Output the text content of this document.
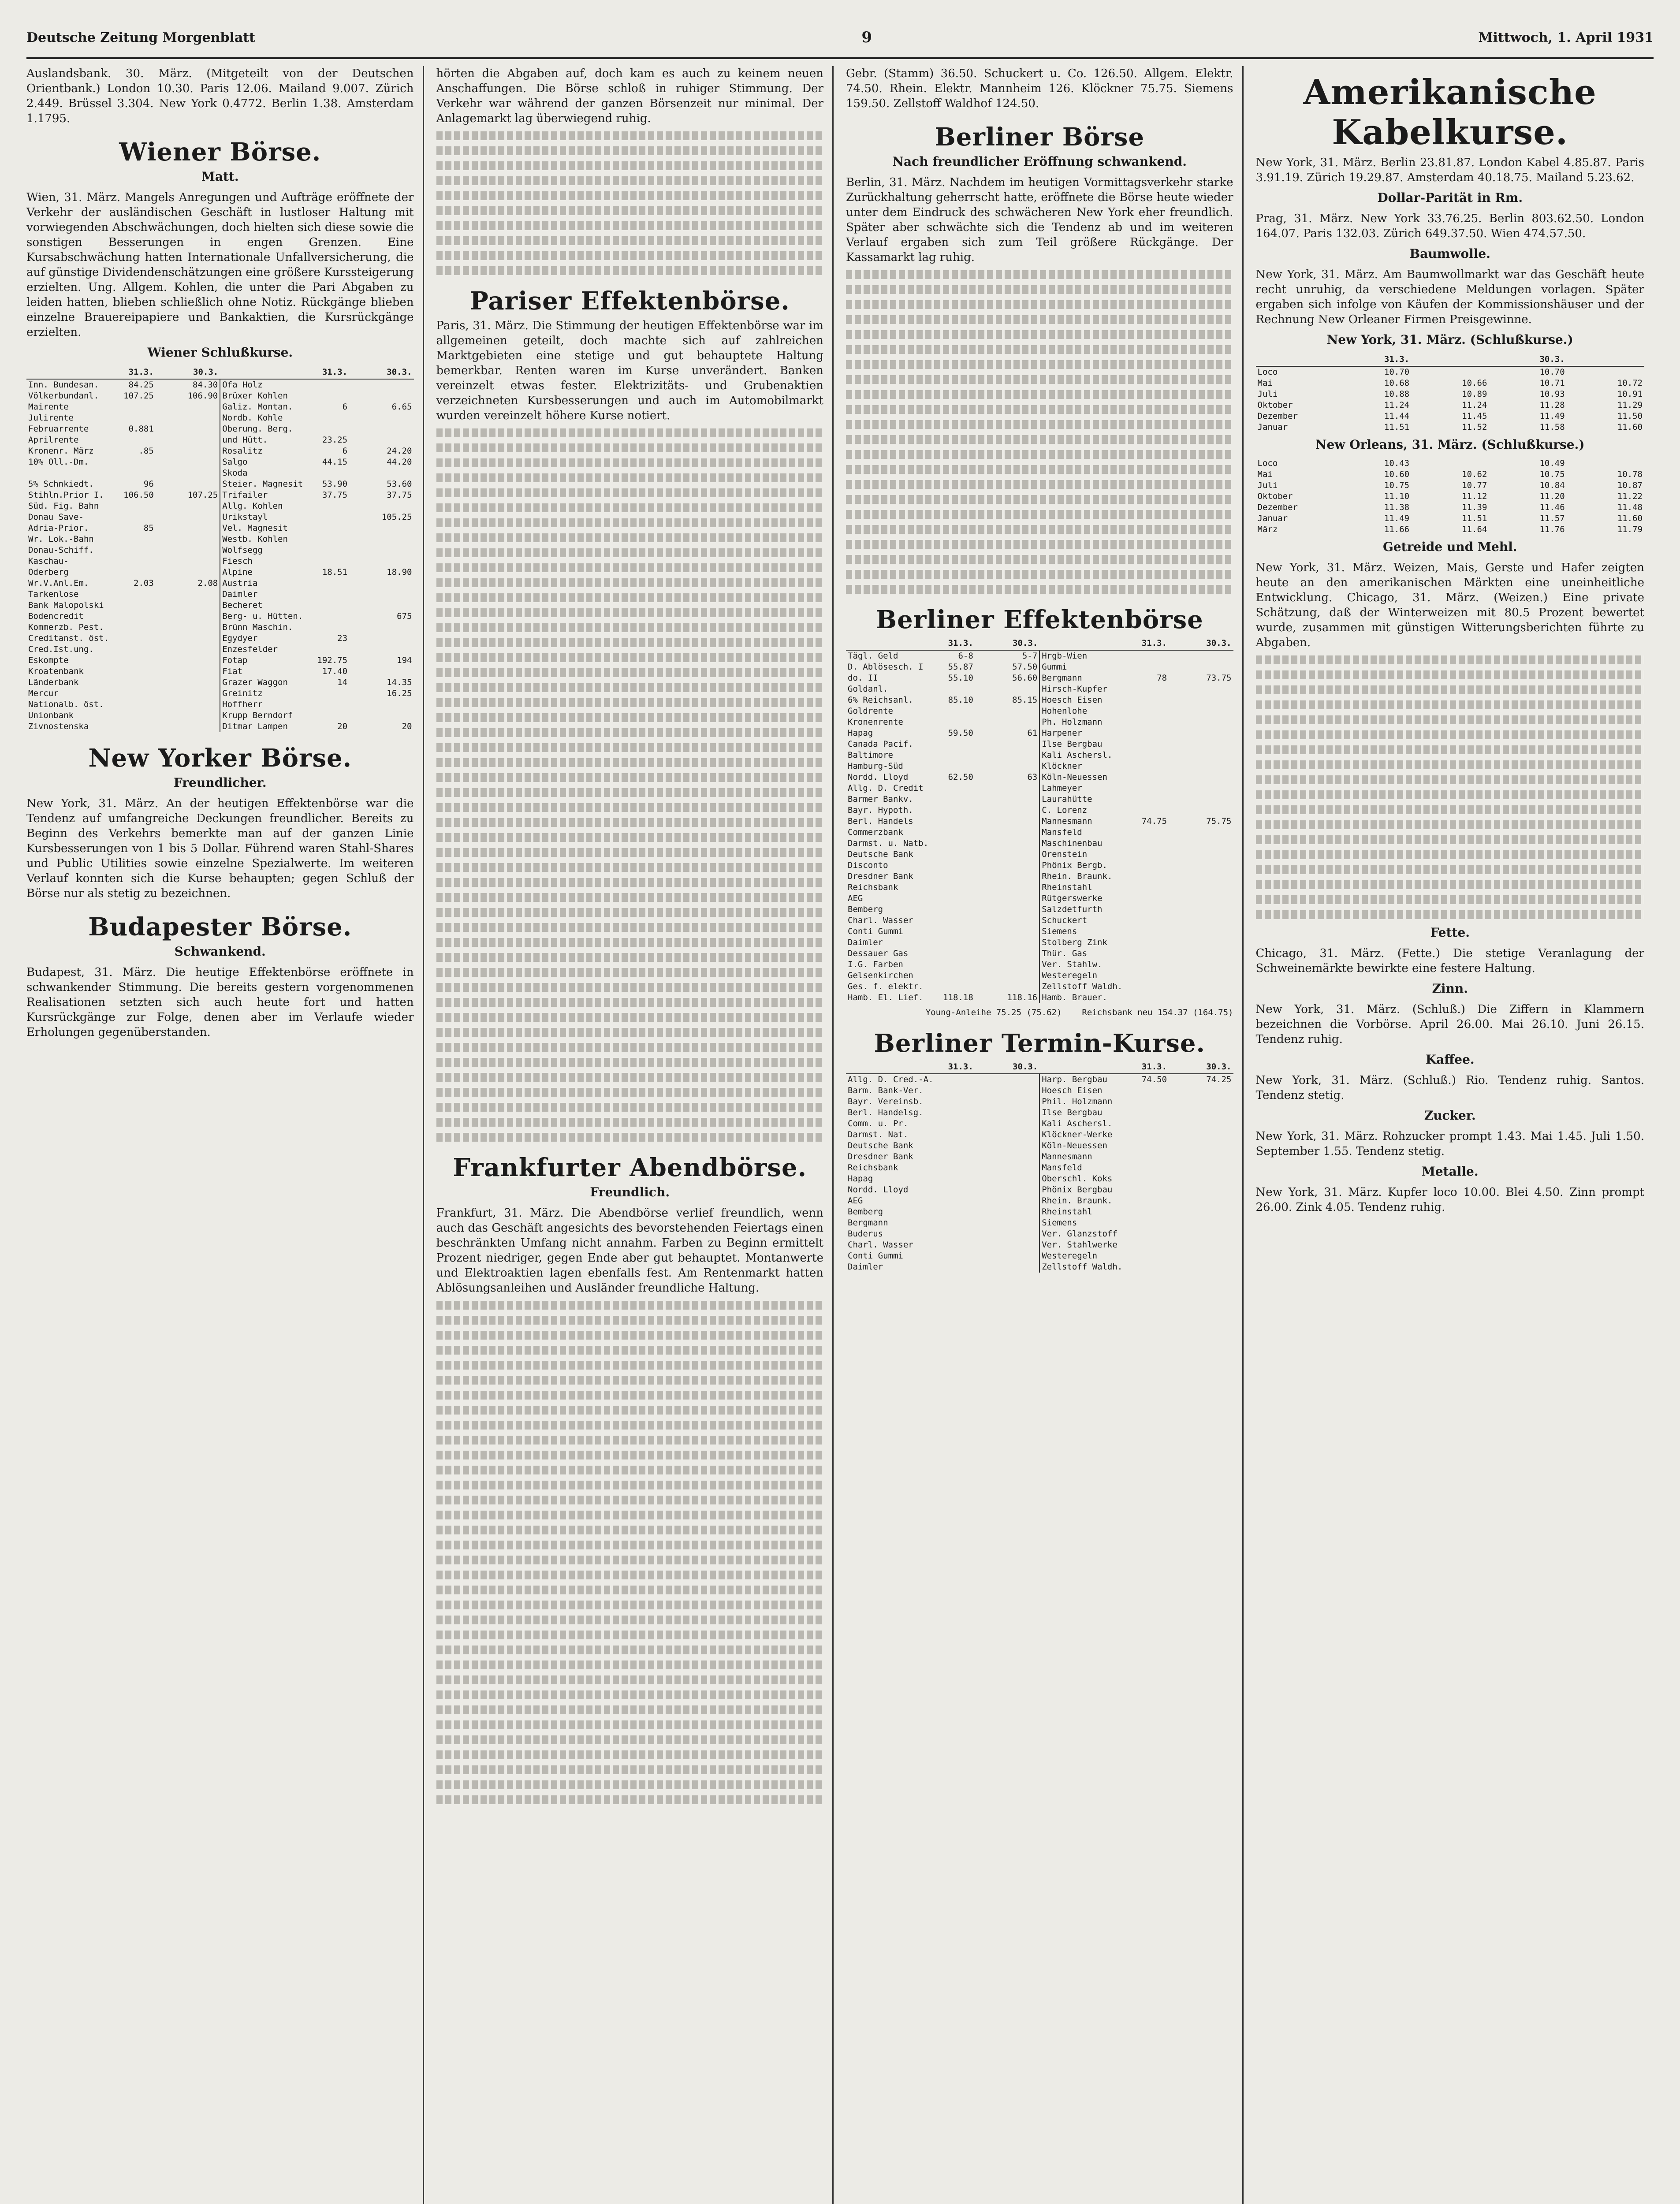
Deutsche Zeitung Morgenblatt	9	Mittwoch, 1. April 1931

Auslandsbank. 30. März. (Mitgeteilt von der Deutschen Orientbank.) London 10.30. Paris 12.06. Mailand 9.007. Zürich 2.449. Brüssel 3.304. New York 0.4772. Berlin 1.38. Amsterdam 1.1795.

Wiener Börse.
Matt.

Wien, 31. März. Mangels Anregungen und Aufträge eröffnete der Verkehr der ausländischen Geschäft in lustloser Haltung mit vorwiegenden Abschwächungen, doch hielten sich diese sowie die sonstigen Besserungen in engen Grenzen. Eine Kursabschwächung hatten Internationale Unfallversicherung, die auf günstige Dividendenschätzungen eine größere Kurssteigerung erzielten. Ung. Allgem. Kohlen, die unter die Pari Abgaben zu leiden hatten, blieben schließlich ohne Notiz. Rückgänge blieben einzelne Brauereipapiere und Bankaktien, die Kursrückgänge erzielten.

Wiener Schlußkurse.
	31.3.	30.3.		31.3.	30.3.
Inn. Bundesan.	84.25	84.30	Ofa Holz		
Völkerbundanl.	107.25	106.90	Brüxer Kohlen		
Mairente			Galiz. Montan.	6	6.65
Julirente			Nordb. Kohle		
Februarrente	0.881		Oberung. Berg.		
Aprilrente			und Hütt.	23.25	
Kronenr. März	.85		Rosalitz	6	24.20
10% Oll.-Dm.			Salgo	44.15	44.20
			Skoda		
5% Schnkiedt.	96		Steier. Magnesit	53.90	53.60
Stihln.Prior I.	106.50	107.25	Trifailer	37.75	37.75
Süd. Fig. Bahn			Allg. Kohlen		
Donau Save-			Urikstayl		105.25
Adria-Prior.	85		Vel. Magnesit		
Wr. Lok.-Bahn			Westb. Kohlen		
Donau-Schiff.			Wolfsegg		
Kaschau-			Fiesch		
Oderberg			Alpine	18.51	18.90
Wr.V.Anl.Em.	2.03	2.08	Austria		
Tarkenlose			Daimler		
Bank Malopolski			Becheret		
Bodencredit			Berg- u. Hütten.		675
Kommerzb. Pest.			Brünn Maschin.		
Creditanst. öst.			Egydyer	23	
Cred.Ist.ung.			Enzesfelder		
Eskompte			Fotap	192.75	194
Kroatenbank			Fiat	17.40	
Länderbank			Grazer Waggon	14	14.35
Mercur			Greinitz		16.25
Nationalb. öst.			Hoffherr		
Unionbank			Krupp Berndorf		
Zivnostenska			Ditmar Lampen	20	20
New Yorker Börse.
Freundlicher.

New York, 31. März. An der heutigen Effektenbörse war die Tendenz auf umfangreiche Deckungen freundlicher. Bereits zu Beginn des Verkehrs bemerkte man auf der ganzen Linie Kursbesserungen von 1 bis 5 Dollar. Führend waren Stahl-Shares und Public Utilities sowie einzelne Spezialwerte. Im weiteren Verlauf konnten sich die Kurse behaupten; gegen Schluß der Börse nur als stetig zu bezeichnen.

Budapester Börse.
Schwankend.

Budapest, 31. März. Die heutige Effektenbörse eröffnete in schwankender Stimmung. Die bereits gestern vorgenommenen Realisationen setzten sich auch heute fort und hatten Kursrückgänge zur Folge, denen aber im Verlaufe wieder Erholungen gegenüberstanden.

hörten die Abgaben auf, doch kam es auch zu keinem neuen Anschaffungen. Die Börse schloß in ruhiger Stimmung. Der Verkehr war während der ganzen Börsenzeit nur minimal. Der Anlagemarkt lag überwiegend ruhig.

Pariser Effektenbörse.

Paris, 31. März. Die Stimmung der heutigen Effektenbörse war im allgemeinen geteilt, doch machte sich auf zahlreichen Marktgebieten eine stetige und gut behauptete Haltung bemerkbar. Renten waren im Kurse unverändert. Banken vereinzelt etwas fester. Elektrizitäts- und Grubenaktien verzeichneten Kursbesserungen und auch im Automobilmarkt wurden vereinzelt höhere Kurse notiert.

Frankfurter Abendbörse.
Freundlich.

Frankfurt, 31. März. Die Abendbörse verlief freundlich, wenn auch das Geschäft angesichts des bevorstehenden Feiertags einen beschränkten Umfang nicht annahm. Farben zu Beginn ermittelt Prozent niedriger, gegen Ende aber gut behauptet. Montanwerte und Elektroaktien lagen ebenfalls fest. Am Rentenmarkt hatten Ablösungsanleihen und Ausländer freundliche Haltung.

Gebr. (Stamm) 36.50. Schuckert u. Co. 126.50. Allgem. Elektr. 74.50. Rhein. Elektr. Mannheim 126. Klöckner 75.75. Siemens 159.50. Zellstoff Waldhof 124.50.

Berliner Börse
Nach freundlicher Eröffnung schwankend.

Berlin, 31. März. Nachdem im heutigen Vormittagsverkehr starke Zurückhaltung geherrscht hatte, eröffnete die Börse heute wieder unter dem Eindruck des schwächeren New York eher freundlich. Später aber schwächte sich die Tendenz ab und im weiteren Verlauf ergaben sich zum Teil größere Rückgänge. Der Kassamarkt lag ruhig.

Berliner Effektenbörse
	31.3.	30.3.		31.3.	30.3.
Tägl. Geld	6-8	5-7	Hrgb-Wien		
D. Ablösesch. I	55.87	57.50	Gummi		
do. II	55.10	56.60	Bergmann	78	73.75
Goldanl.			Hirsch-Kupfer		
6% Reichsanl.	85.10	85.15	Hoesch Eisen		
Goldrente			Hohenlohe		
Kronenrente			Ph. Holzmann		
Hapag	59.50	61	Harpener		
Canada Pacif.			Ilse Bergbau		
Baltimore			Kali Aschersl.		
Hamburg-Süd			Klöckner		
Nordd. Lloyd	62.50	63	Köln-Neuessen		
Allg. D. Credit			Lahmeyer		
Barmer Bankv.			Laurahütte		
Bayr. Hypoth.			C. Lorenz		
Berl. Handels			Mannesmann	74.75	75.75
Commerzbank			Mansfeld		
Darmst. u. Natb.			Maschinenbau		
Deutsche Bank			Orenstein		
Disconto			Phönix Bergb.		
Dresdner Bank			Rhein. Braunk.		
Reichsbank			Rheinstahl		
AEG			Rütgerswerke		
Bemberg			Salzdetfurth		
Charl. Wasser			Schuckert		
Conti Gummi			Siemens		
Daimler			Stolberg Zink		
Dessauer Gas			Thür. Gas		
I.G. Farben			Ver. Stahlw.		
Gelsenkirchen			Westeregeln		
Ges. f. elektr.			Zellstoff Waldh.		
Hamb. El. Lief.	118.18	118.16	Hamb. Brauer.		
Young-Anleihe 75.25 (75.62) Reichsbank neu 154.37 (164.75)
Berliner Termin-Kurse.
	31.3.	30.3.		31.3.	30.3.
Allg. D. Cred.-A.			Harp. Bergbau	74.50	74.25
Barm. Bank-Ver.			Hoesch Eisen		
Bayr. Vereinsb.			Phil. Holzmann		
Berl. Handelsg.			Ilse Bergbau		
Comm. u. Pr.			Kali Aschersl.		
Darmst. Nat.			Klöckner-Werke		
Deutsche Bank			Köln-Neuessen		
Dresdner Bank			Mannesmann		
Reichsbank			Mansfeld		
Hapag			Oberschl. Koks		
Nordd. Lloyd			Phönix Bergbau		
AEG			Rhein. Braunk.		
Bemberg			Rheinstahl		
Bergmann			Siemens		
Buderus			Ver. Glanzstoff		
Charl. Wasser			Ver. Stahlwerke		
Conti Gummi			Westeregeln		
Daimler			Zellstoff Waldh.		
Amerikanische Kabelkurse.

New York, 31. März. Berlin 23.81.87. London Kabel 4.85.87. Paris 3.91.19. Zürich 19.29.87. Amsterdam 40.18.75. Mailand 5.23.62.

Dollar-Parität in Rm.

Prag, 31. März. New York 33.76.25. Berlin 803.62.50. London 164.07. Paris 132.03. Zürich 649.37.50. Wien 474.57.50.

Baumwolle.

New York, 31. März. Am Baumwollmarkt war das Geschäft heute recht unruhig, da verschiedene Meldungen vorlagen. Später ergaben sich infolge von Käufen der Kommissionshäuser und der Rechnung New Orleaner Firmen Preisgewinne.

New York, 31. März. (Schlußkurse.)
	31.3.		30.3.	
Loco	10.70		10.70	
Mai	10.68	10.66	10.71	10.72
Juli	10.88	10.89	10.93	10.91
Oktober	11.24	11.24	11.28	11.29
Dezember	11.44	11.45	11.49	11.50
Januar	11.51	11.52	11.58	11.60
New Orleans, 31. März. (Schlußkurse.)
Loco	10.43		10.49	
Mai	10.60	10.62	10.75	10.78
Juli	10.75	10.77	10.84	10.87
Oktober	11.10	11.12	11.20	11.22
Dezember	11.38	11.39	11.46	11.48
Januar	11.49	11.51	11.57	11.60
März	11.66	11.64	11.76	11.79
Getreide und Mehl.

New York, 31. März. Weizen, Mais, Gerste und Hafer zeigten heute an den amerikanischen Märkten eine uneinheitliche Entwicklung. Chicago, 31. März. (Weizen.) Eine private Schätzung, daß der Winterweizen mit 80.5 Prozent bewertet wurde, zusammen mit günstigen Witterungsberichten führte zu Abgaben.

Fette.

Chicago, 31. März. (Fette.) Die stetige Veranlagung der Schweinemärkte bewirkte eine festere Haltung.

Zinn.

New York, 31. März. (Schluß.) Die Ziffern in Klammern bezeichnen die Vorbörse. April 26.00. Mai 26.10. Juni 26.15. Tendenz ruhig.

Kaffee.

New York, 31. März. (Schluß.) Rio. Tendenz ruhig. Santos. Tendenz stetig.

Zucker.

New York, 31. März. Rohzucker prompt 1.43. Mai 1.45. Juli 1.50. September 1.55. Tendenz stetig.

Metalle.

New York, 31. März. Kupfer loco 10.00. Blei 4.50. Zinn prompt 26.00. Zink 4.05. Tendenz ruhig.
